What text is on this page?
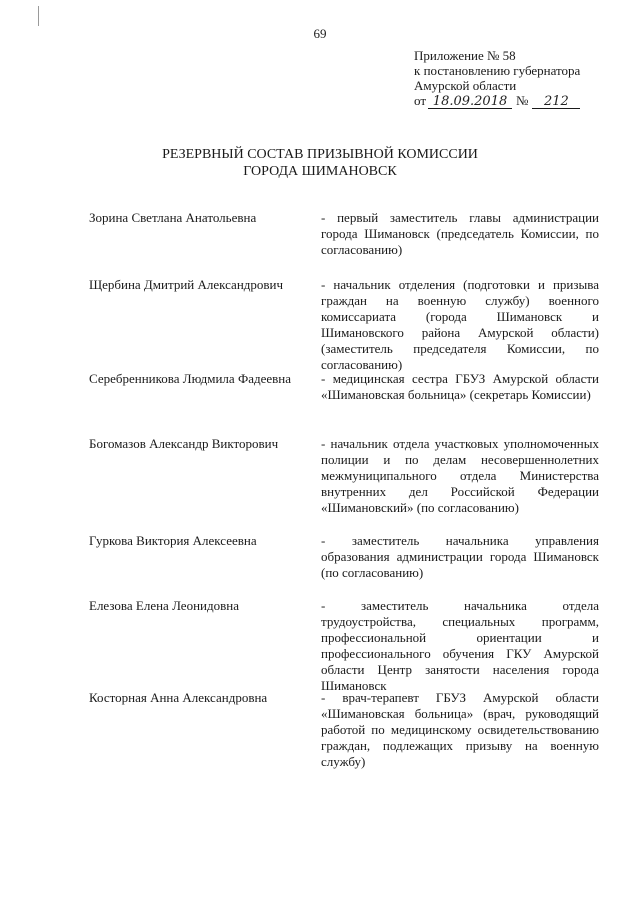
69
Приложение № 58
к постановлению губернатора
Амурской области
от 18.09.2018 № 212
РЕЗЕРВНЫЙ СОСТАВ ПРИЗЫВНОЙ КОМИССИИ
ГОРОДА ШИМАНОВСК
Зорина Светлана Анатольевна	- первый заместитель главы администрации города Шимановск (председатель Комиссии, по согласованию)
Щербина Дмитрий Александрович	- начальник отделения (подготовки и призыва граждан на военную службу) военного комиссариата (города Шимановск и Шимановского района Амурской области) (заместитель председателя Комиссии, по согласованию)
Серебренникова Людмила Фадеевна	- медицинская сестра ГБУЗ Амурской области «Шимановская больница» (секретарь Комиссии)
Богомазов Александр Викторович	- начальник отдела участковых уполномоченных полиции и по делам несовершеннолетних межмуниципального отдела Министерства внутренних дел Российской Федерации «Шимановский» (по согласованию)
Гуркова Виктория Алексеевна	- заместитель начальника управления образования администрации города Шимановск (по согласованию)
Елезова Елена Леонидовна	- заместитель начальника отдела трудоустройства, специальных программ, профессиональной ориентации и профессионального обучения ГКУ Амурской области Центр занятости населения города Шимановск
Косторная Анна Александровна	- врач-терапевт ГБУЗ Амурской области «Шимановская больница» (врач, руководящий работой по медицинскому освидетельствованию граждан, подлежащих призыву на военную службу)
